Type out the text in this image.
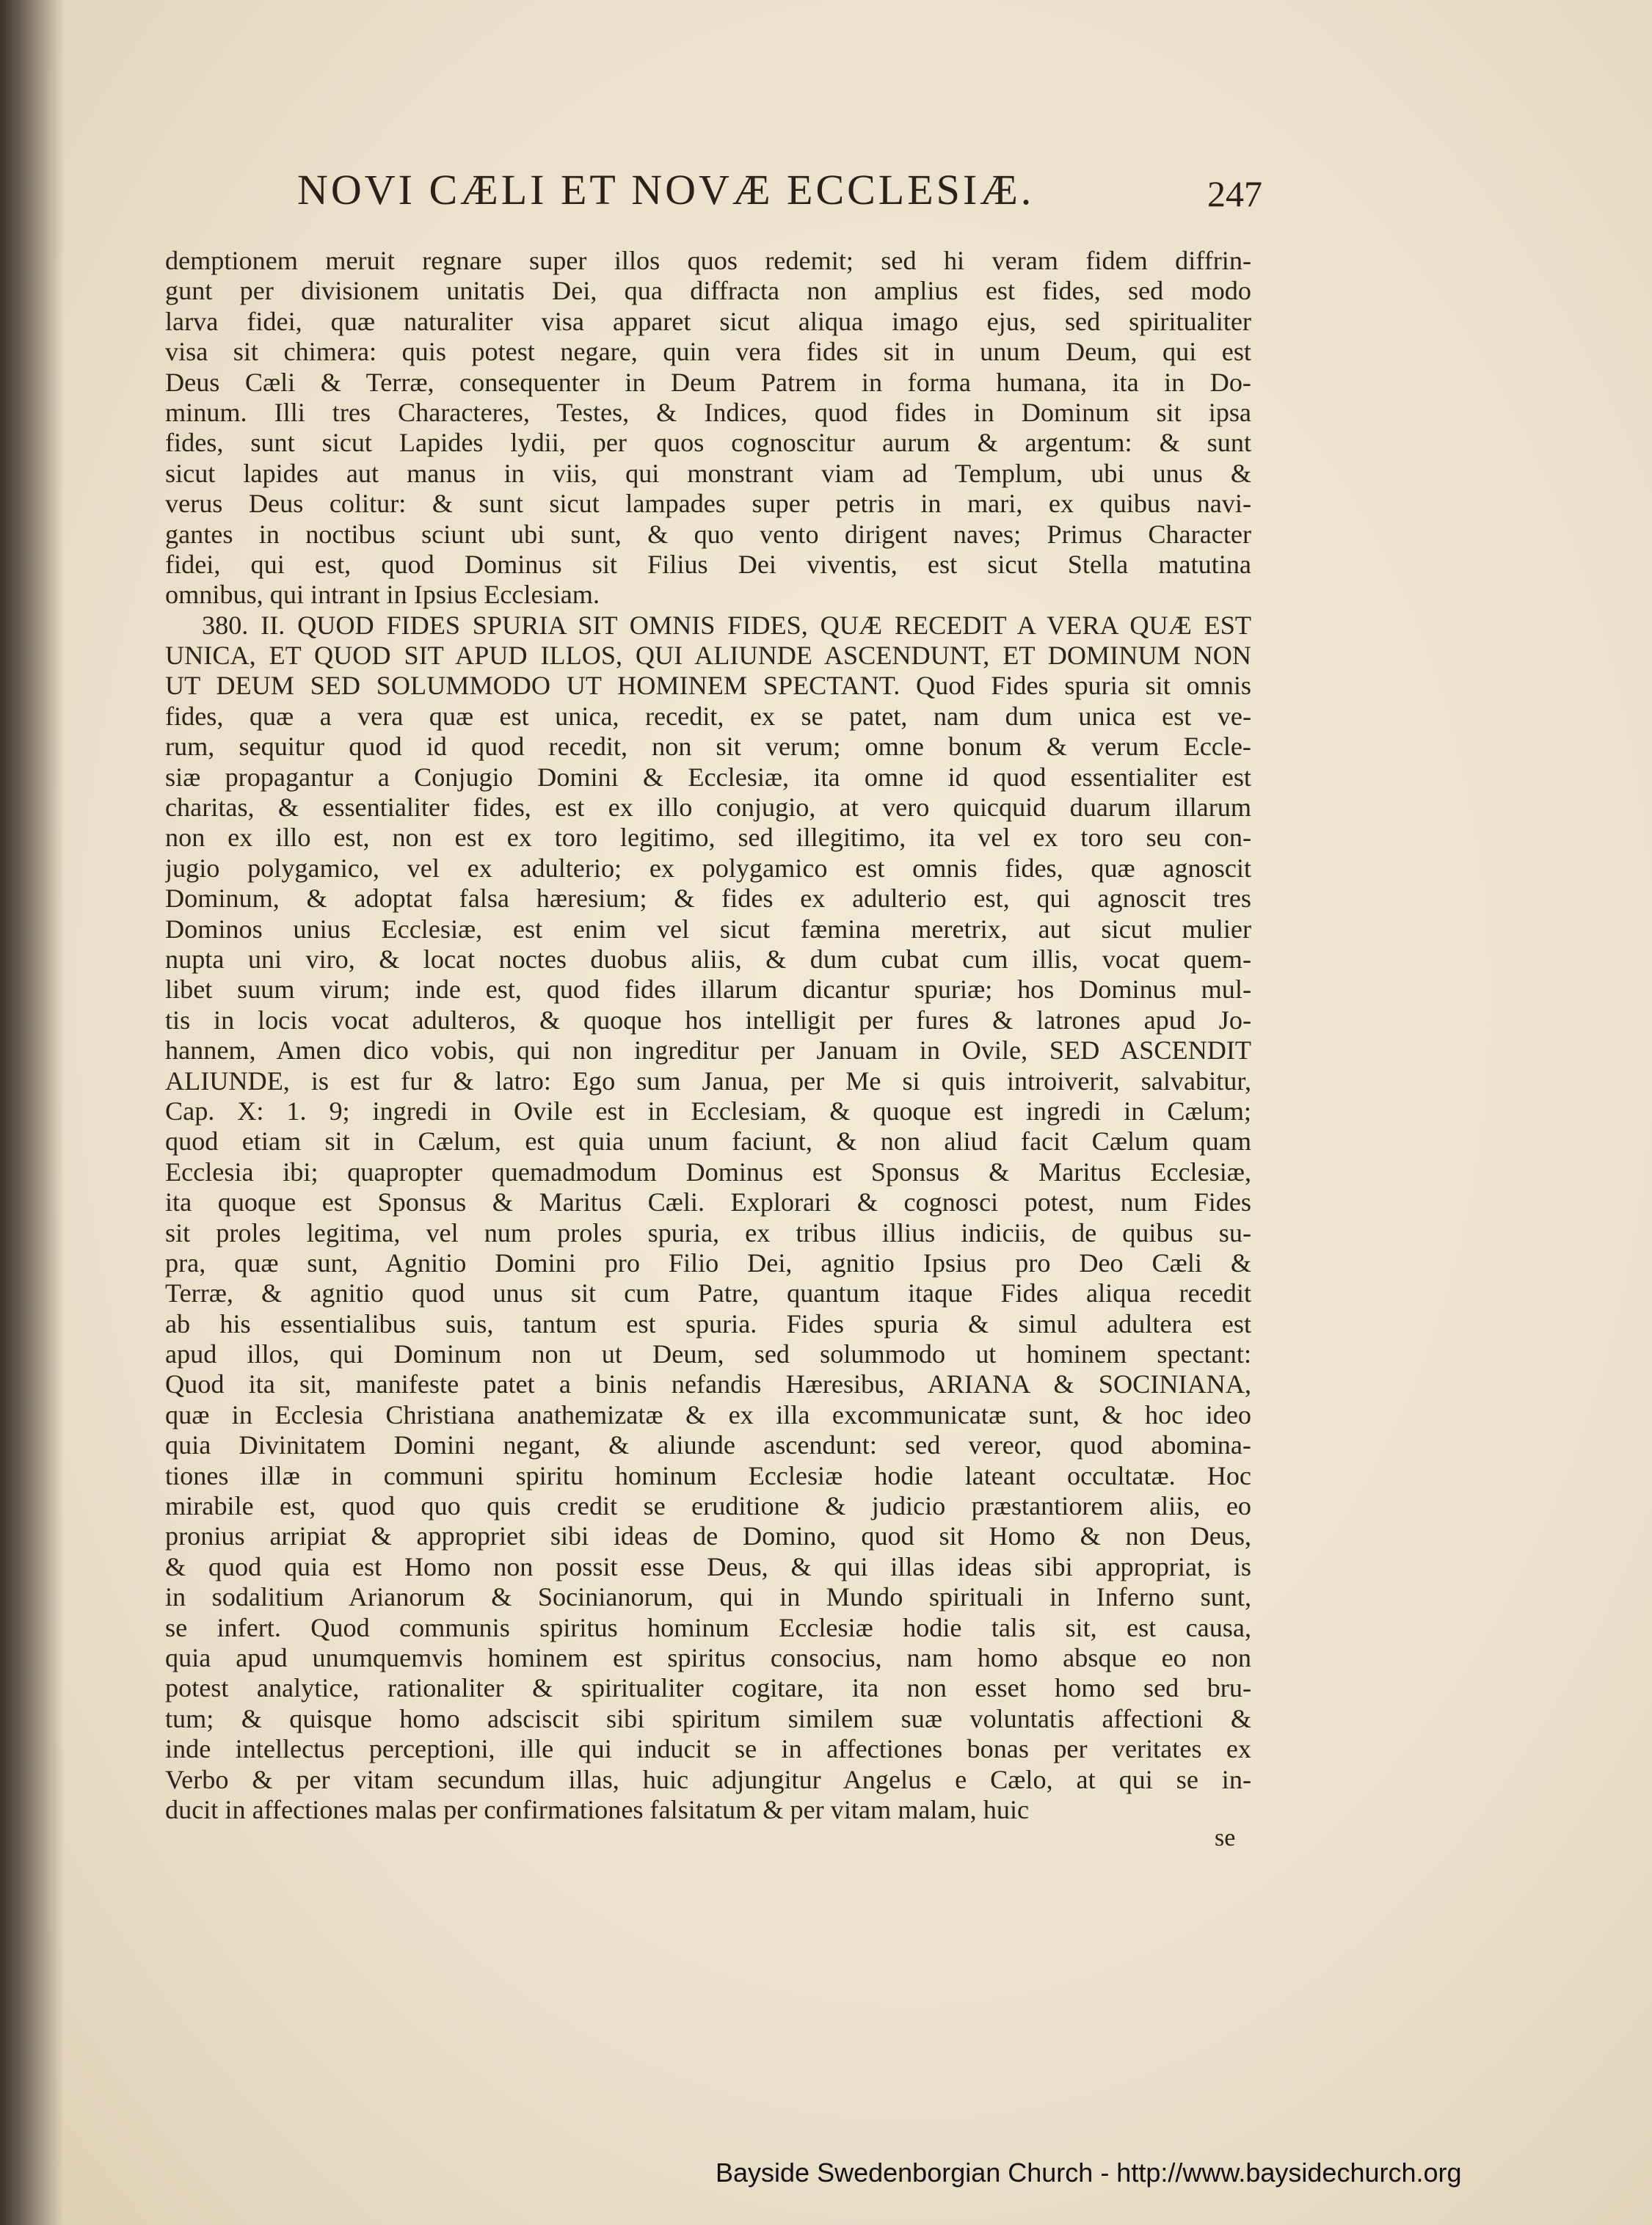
NOVI CÆLI ET NOVÆ ECCLESIÆ.	247
demptionem meruit regnare super illos quos redemit; sed hi veram fidem diffrin-
gunt per divisionem unitatis Dei, qua diffracta non amplius est fides, sed modo
larva fidei, quæ naturaliter visa apparet sicut aliqua imago ejus, sed spiritualiter
visa sit chimera: quis potest negare, quin vera fides sit in unum Deum, qui est
Deus Cæli & Terræ, consequenter in Deum Patrem in forma humana, ita in Do-
minum. Illi tres Characteres, Testes, & Indices, quod fides in Dominum sit ipsa
fides, sunt sicut Lapides lydii, per quos cognoscitur aurum & argentum: & sunt
sicut lapides aut manus in viis, qui monstrant viam ad Templum, ubi unus &
verus Deus colitur: & sunt sicut lampades super petris in mari, ex quibus navi-
gantes in noctibus sciunt ubi sunt, & quo vento dirigent naves; Primus Character
fidei, qui est, quod Dominus sit Filius Dei viventis, est sicut Stella matutina
omnibus, qui intrant in Ipsius Ecclesiam.
380. II. QUOD FIDES SPURIA SIT OMNIS FIDES, QUÆ RECEDIT A VERA QUÆ EST
UNICA, ET QUOD SIT APUD ILLOS, QUI ALIUNDE ASCENDUNT, ET DOMINUM NON
UT DEUM SED SOLUMMODO UT HOMINEM SPECTANT. Quod Fides spuria sit omnis
fides, quæ a vera quæ est unica, recedit, ex se patet, nam dum unica est ve-
rum, sequitur quod id quod recedit, non sit verum; omne bonum & verum Eccle-
siæ propagantur a Conjugio Domini & Ecclesiæ, ita omne id quod essentialiter est
charitas, & essentialiter fides, est ex illo conjugio, at vero quicquid duarum illarum
non ex illo est, non est ex toro legitimo, sed illegitimo, ita vel ex toro seu con-
jugio polygamico, vel ex adulterio; ex polygamico est omnis fides, quæ agnoscit
Dominum, & adoptat falsa hæresium; & fides ex adulterio est, qui agnoscit tres
Dominos unius Ecclesiæ, est enim vel sicut fæmina meretrix, aut sicut mulier
nupta uni viro, & locat noctes duobus aliis, & dum cubat cum illis, vocat quem-
libet suum virum; inde est, quod fides illarum dicantur spuriæ; hos Dominus mul-
tis in locis vocat adulteros, & quoque hos intelligit per fures & latrones apud Jo-
hannem, Amen dico vobis, qui non ingreditur per Januam in Ovile, SED ASCENDIT
ALIUNDE, is est fur & latro: Ego sum Janua, per Me si quis introiverit, salvabitur,
Cap. X: 1. 9; ingredi in Ovile est in Ecclesiam, & quoque est ingredi in Cælum;
quod etiam sit in Cælum, est quia unum faciunt, & non aliud facit Cælum quam
Ecclesia ibi; quapropter quemadmodum Dominus est Sponsus & Maritus Ecclesiæ,
ita quoque est Sponsus & Maritus Cæli. Explorari & cognosci potest, num Fides
sit proles legitima, vel num proles spuria, ex tribus illius indiciis, de quibus su-
pra, quæ sunt, Agnitio Domini pro Filio Dei, agnitio Ipsius pro Deo Cæli &
Terræ, & agnitio quod unus sit cum Patre, quantum itaque Fides aliqua recedit
ab his essentialibus suis, tantum est spuria. Fides spuria & simul adultera est
apud illos, qui Dominum non ut Deum, sed solummodo ut hominem spectant:
Quod ita sit, manifeste patet a binis nefandis Hæresibus, ARIANA & SOCINIANA,
quæ in Ecclesia Christiana anathemizatæ & ex illa excommunicatæ sunt, & hoc ideo
quia Divinitatem Domini negant, & aliunde ascendunt: sed vereor, quod abomina-
tiones illæ in communi spiritu hominum Ecclesiæ hodie lateant occultatæ. Hoc
mirabile est, quod quo quis credit se eruditione & judicio præstantiorem aliis, eo
pronius arripiat & appropriet sibi ideas de Domino, quod sit Homo & non Deus,
& quod quia est Homo non possit esse Deus, & qui illas ideas sibi appropriat, is
in sodalitium Arianorum & Socinianorum, qui in Mundo spirituali in Inferno sunt,
se infert. Quod communis spiritus hominum Ecclesiæ hodie talis sit, est causa,
quia apud unumquemvis hominem est spiritus consocius, nam homo absque eo non
potest analytice, rationaliter & spiritualiter cogitare, ita non esset homo sed bru-
tum; & quisque homo adsciscit sibi spiritum similem suæ voluntatis affectioni &
inde intellectus perceptioni, ille qui inducit se in affectiones bonas per veritates ex
Verbo & per vitam secundum illas, huic adjungitur Angelus e Cælo, at qui se in-
ducit in affectiones malas per confirmationes falsitatum & per vitam malam, huic
se
Bayside Swedenborgian Church - http://www.baysidechurch.org
